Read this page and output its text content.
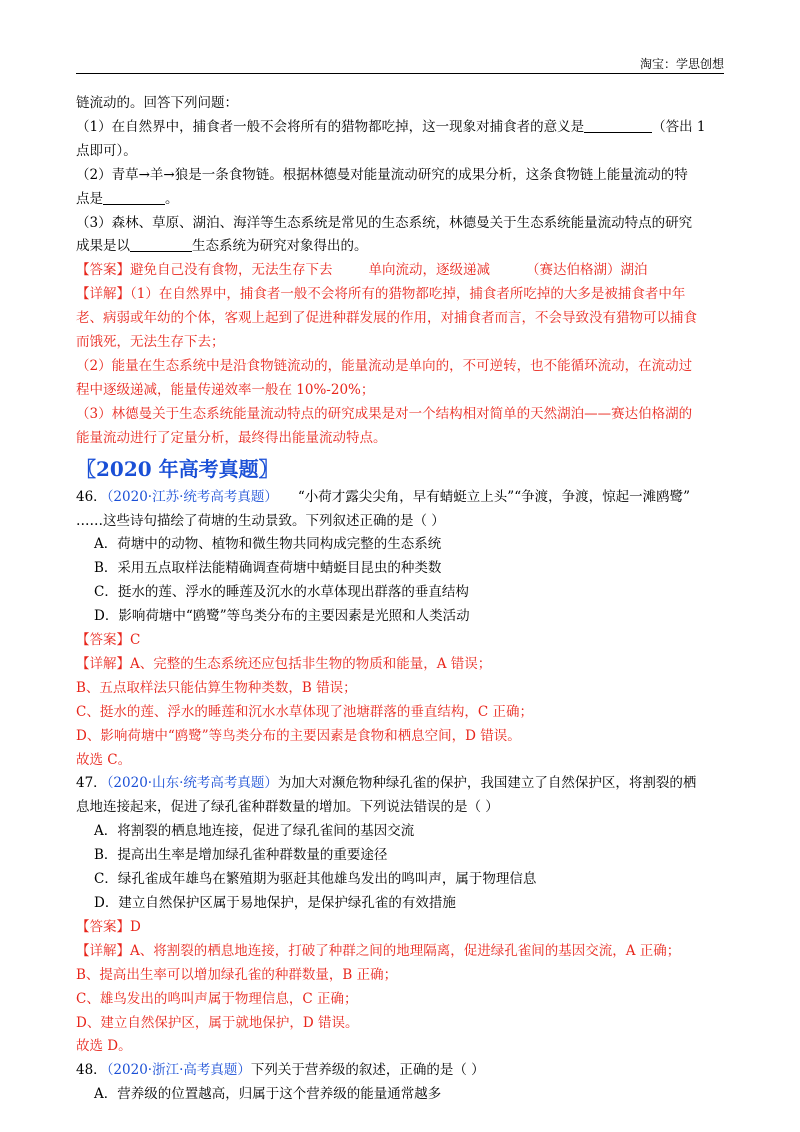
淘宝：学思创想
链流动的。回答下列问题：
（1）在自然界中，捕食者一般不会将所有的猎物都吃掉，这一现象对捕食者的意义是	（答出 1
点即可）。
（2）青草→羊→狼是一条食物链。根据林德曼对能量流动研究的成果分析，这条食物链上能量流动的特
点是	。
（3）森林、草原、湖泊、海洋等生态系统是常见的生态系统，林德曼关于生态系统能量流动特点的研究
成果是以	生态系统为研究对象得出的。
【答案】避免自己没有食物，无法生存下去	单向流动，逐级递减	（赛达伯格湖）湖泊
【详解】（1）在自然界中，捕食者一般不会将所有的猎物都吃掉，捕食者所吃掉的大多是被捕食者中年
老、病弱或年幼的个体，客观上起到了促进种群发展的作用，对捕食者而言，不会导致没有猎物可以捕食
而饿死，无法生存下去；
（2）能量在生态系统中是沿食物链流动的，能量流动是单向的，不可逆转，也不能循环流动，在流动过
程中逐级递减，能量传递效率一般在 10%-20%；
（3）林德曼关于生态系统能量流动特点的研究成果是对一个结构相对简单的天然湖泊——赛达伯格湖的
能量流动进行了定量分析，最终得出能量流动特点。
〖2020 年高考真题〗
46．（2020·江苏·统考高考真题） “小荷才露尖尖角，早有蜻蜓立上头”“争渡，争渡，惊起一滩鸥鹭”
……这些诗句描绘了荷塘的生动景致。下列叙述正确的是（ ）
A．荷塘中的动物、植物和微生物共同构成完整的生态系统
B．采用五点取样法能精确调查荷塘中蜻蜓目昆虫的种类数
C．挺水的莲、浮水的睡莲及沉水的水草体现出群落的垂直结构
D．影响荷塘中“鸥鹭”等鸟类分布的主要因素是光照和人类活动
【答案】C
【详解】A、完整的生态系统还应包括非生物的物质和能量，A 错误；
B、五点取样法只能估算生物种类数，B 错误；
C、挺水的莲、浮水的睡莲和沉水水草体现了池塘群落的垂直结构，C 正确；
D、影响荷塘中“鸥鹭”等鸟类分布的主要因素是食物和栖息空间，D 错误。
故选 C。
47．（2020·山东·统考高考真题）为加大对濒危物种绿孔雀的保护，我国建立了自然保护区，将割裂的栖
息地连接起来，促进了绿孔雀种群数量的增加。下列说法错误的是（ ）
A．将割裂的栖息地连接，促进了绿孔雀间的基因交流
B．提高出生率是增加绿孔雀种群数量的重要途径
C．绿孔雀成年雄鸟在繁殖期为驱赶其他雄鸟发出的鸣叫声，属于物理信息
D．建立自然保护区属于易地保护，是保护绿孔雀的有效措施
【答案】D
【详解】A、将割裂的栖息地连接，打破了种群之间的地理隔离，促进绿孔雀间的基因交流，A 正确；
B、提高出生率可以增加绿孔雀的种群数量，B 正确；
C、雄鸟发出的鸣叫声属于物理信息，C 正确；
D、建立自然保护区，属于就地保护，D 错误。
故选 D。
48．（2020·浙江·高考真题）下列关于营养级的叙述，正确的是（ ）
A．营养级的位置越高，归属于这个营养级的能量通常越多
